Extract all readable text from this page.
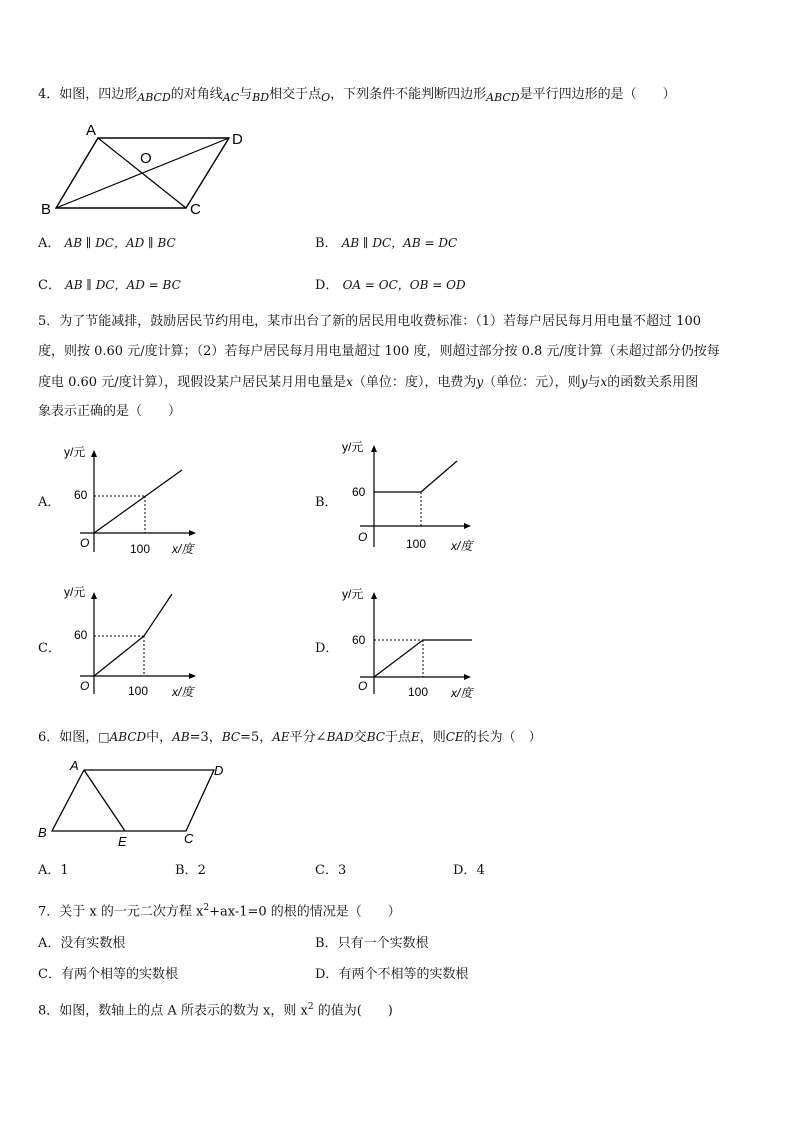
4．如图，四边形$_{ABCD}$的对角线$_{AC}$与$_{BD}$相交于点$_O$，下列条件不能判断四边形$_{ABCD}$是平行四边形的是（　　）
A
D
O
B	C
A． AB ∥ DC，AD ∥ BC	B． AB ∥ DC，AB = DC
C． AB ∥ DC，AD = BC	D． OA = OC，OB = OD
5．为了节能减排，鼓励居民节约用电，某市出台了新的居民用电收费标准：（1）若每户居民每月用电量不超过 100
度，则按 0.60 元/度计算；（2）若每户居民每月用电量超过 100 度，则超过部分按 0.8 元/度计算（未超过部分仍按每
度电 0.60 元/度计算），现假设某户居民某月用电量是x（单位：度），电费为y（单位：元），则y与x的函数关系用图
象表示正确的是（　　）
A．
y/元
60
O	100 x/度
B．
y/元
60
O	100 x/度
C．
y/元
60
O	100 x/度
D．
y/元
60
O	100 x/度
6．如图，□ABCD中，AB=3，BC=5，AE平分∠BAD交BC于点E，则CE的长为（　）
A	D
B	C
E
A．1	B．2	C．3	D．4
7．关于 x 的一元二次方程 $x^2+ax-1=0$ 的根的情况是（　　）
A．没有实数根	B．只有一个实数根
C．有两个相等的实数根	D．有两个不相等的实数根
8．如图，数轴上的点 A 所表示的数为 x，则 $x^2$ 的值为(　　)
